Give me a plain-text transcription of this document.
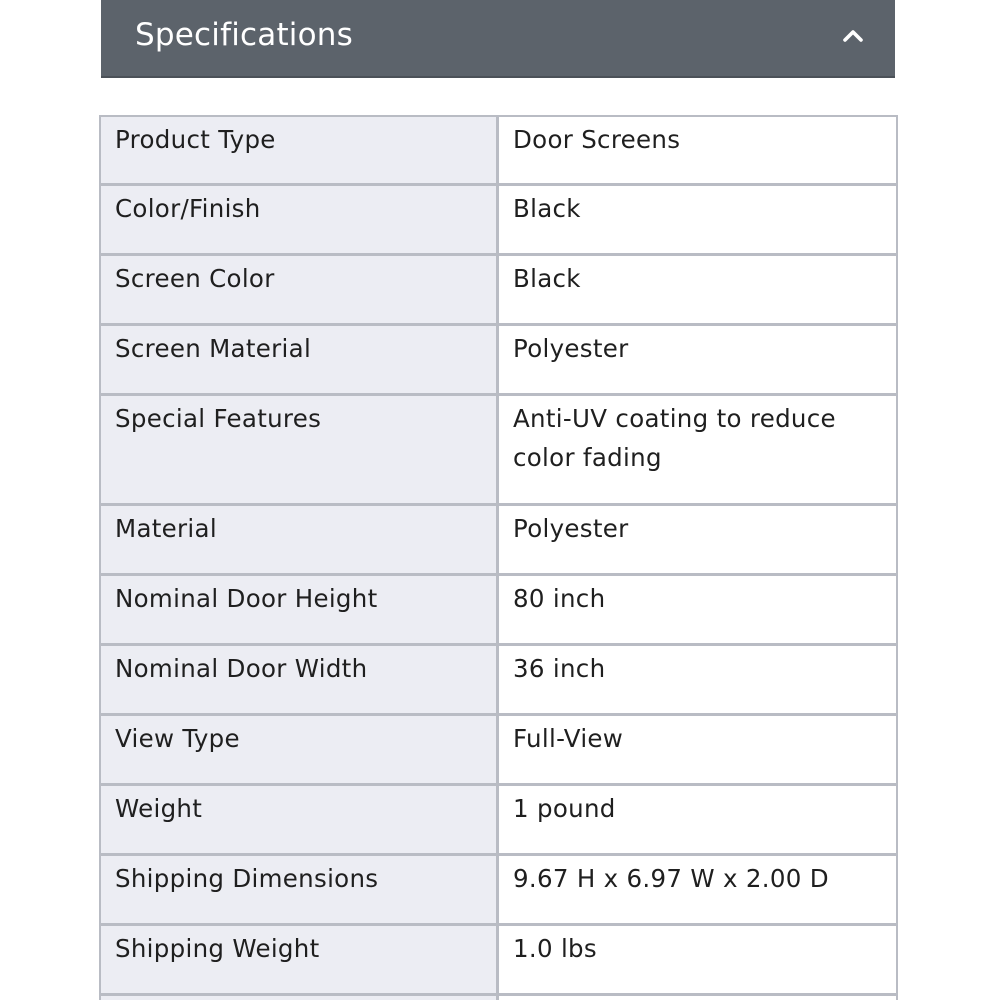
Specifications
Product Type	Door Screens

Color/Finish	Black

Screen Color	Black

Screen Material	Polyester

Special Features	Anti-UV coating to reduce color fading

Material	Polyester

Nominal Door Height	80 inch

Nominal Door Width	36 inch

View Type	Full-View

Weight	1 pound

Shipping Dimensions	9.67 H x 6.97 W x 2.00 D

Shipping Weight	1.0 lbs
